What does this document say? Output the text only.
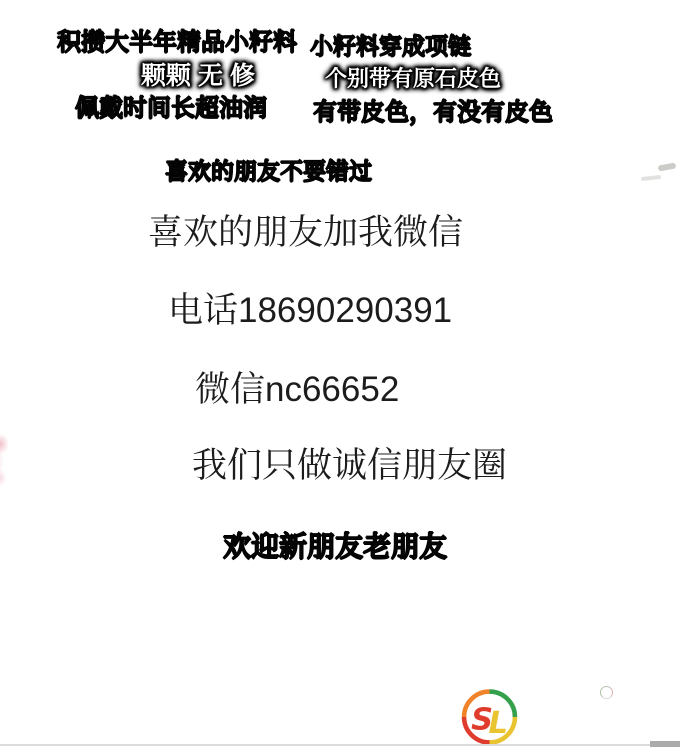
积攒大半年精品小籽料
颗颗 无 修
佩戴时间长超油润
小籽料穿成项链
个别带有原石皮色
有带皮色，有没有皮色
喜欢的朋友不要错过
喜欢的朋友加我微信
电话18690290391
微信nc66652
我们只做诚信朋友圈
欢迎新朋友老朋友
S
L
